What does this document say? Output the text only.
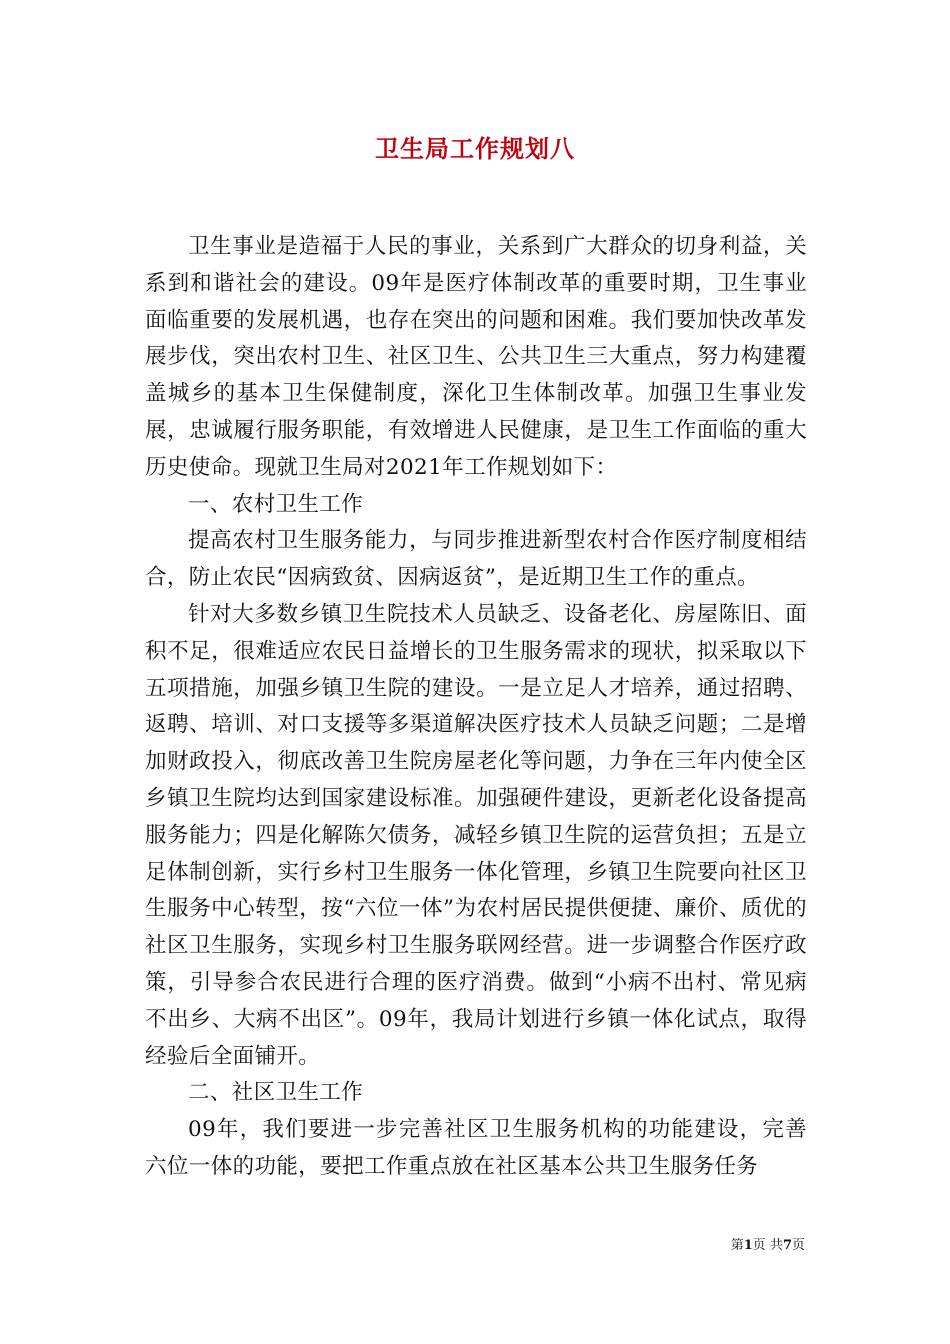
卫生局工作规划八

卫生事业是造福于人民的事业，关系到广大群众的切身利益，关系到和谐社会的建设。09年是医疗体制改革的重要时期，卫生事业面临重要的发展机遇，也存在突出的问题和困难。我们要加快改革发展步伐，突出农村卫生、社区卫生、公共卫生三大重点，努力构建覆盖城乡的基本卫生保健制度，深化卫生体制改革。加强卫生事业发展，忠诚履行服务职能，有效增进人民健康，是卫生工作面临的重大历史使命。现就卫生局对2021年工作规划如下：

一、农村卫生工作

提高农村卫生服务能力，与同步推进新型农村合作医疗制度相结合，防止农民“因病致贫、因病返贫”，是近期卫生工作的重点。

针对大多数乡镇卫生院技术人员缺乏、设备老化、房屋陈旧、面积不足，很难适应农民日益增长的卫生服务需求的现状，拟采取以下五项措施，加强乡镇卫生院的建设。一是立足人才培养，通过招聘、返聘、培训、对口支援等多渠道解决医疗技术人员缺乏问题；二是增加财政投入，彻底改善卫生院房屋老化等问题，力争在三年内使全区乡镇卫生院均达到国家建设标准。加强硬件建设，更新老化设备提高服务能力；四是化解陈欠债务，减轻乡镇卫生院的运营负担；五是立足体制创新，实行乡村卫生服务一体化管理，乡镇卫生院要向社区卫生服务中心转型，按“六位一体”为农村居民提供便捷、廉价、质优的社区卫生服务，实现乡村卫生服务联网经营。进一步调整合作医疗政策，引导参合农民进行合理的医疗消费。做到“小病不出村、常见病不出乡、大病不出区”。09年，我局计划进行乡镇一体化试点，取得经验后全面铺开。

二、社区卫生工作

09年，我们要进一步完善社区卫生服务机构的功能建设，完善六位一体的功能，要把工作重点放在社区基本公共卫生服务任务

第1页 共7页
